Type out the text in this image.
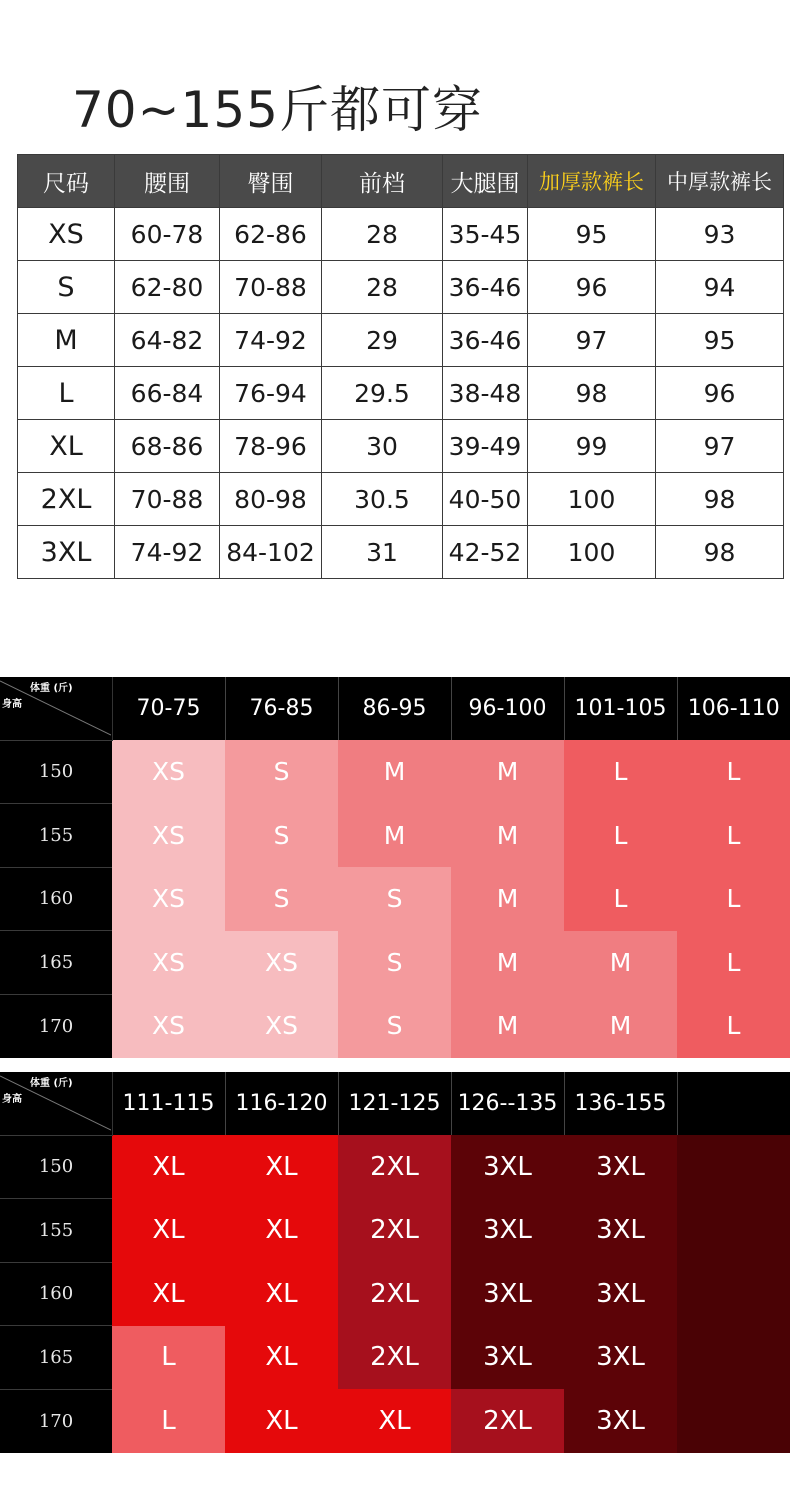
70~155斤都可穿
尺码	腰围	臀围	前档	大腿围	加厚款裤长	中厚款裤长
XS	60-78	62-86	28	35-45	95	93
S	62-80	70-88	28	36-46	96	94
M	64-82	74-92	29	36-46	97	95
L	66-84	76-94	29.5	38-48	98	96
XL	68-86	78-96	30	39-49	99	97
2XL	70-88	80-98	30.5	40-50	100	98
3XL	74-92	84-102	31	42-52	100	98
体重 (斤)
身高	70-75	76-85	86-95	96-100	101-105	106-110
150	XS	S	M	M	L	L
155	XS	S	M	M	L	L
160	XS	S	S	M	L	L
165	XS	XS	S	M	M	L
170	XS	XS	S	M	M	L
体重 (斤)
身高	111-115	116-120	121-125	126--135	136-155	
150	XL	XL	2XL	3XL	3XL	
155	XL	XL	2XL	3XL	3XL	
160	XL	XL	2XL	3XL	3XL	
165	L	XL	2XL	3XL	3XL	
170	L	XL	XL	2XL	3XL	
